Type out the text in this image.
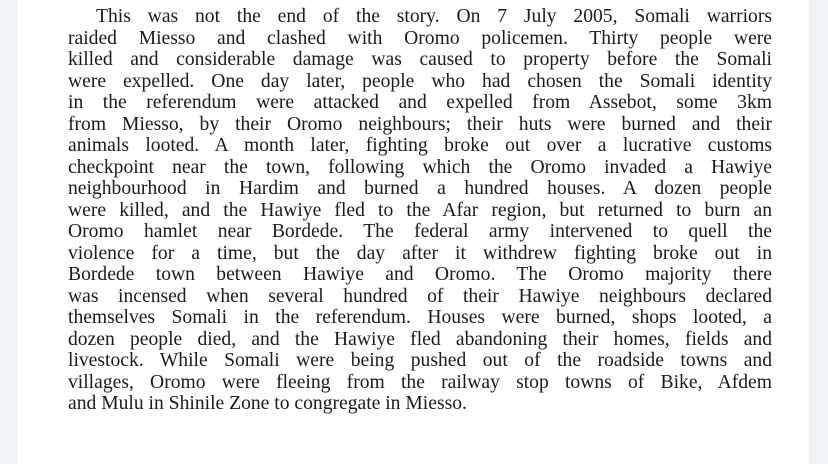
This was not the end of the story. On 7 July 2005, Somali warriors
raided Miesso and clashed with Oromo policemen. Thirty people were
killed and considerable damage was caused to property before the Somali
were expelled. One day later, people who had chosen the Somali identity
in the referendum were attacked and expelled from Assebot, some 3km
from Miesso, by their Oromo neighbours; their huts were burned and their
animals looted. A month later, fighting broke out over a lucrative customs
checkpoint near the town, following which the Oromo invaded a Hawiye
neighbourhood in Hardim and burned a hundred houses. A dozen people
were killed, and the Hawiye fled to the Afar region, but returned to burn an
Oromo hamlet near Bordede. The federal army intervened to quell the
violence for a time, but the day after it withdrew fighting broke out in
Bordede town between Hawiye and Oromo. The Oromo majority there
was incensed when several hundred of their Hawiye neighbours declared
themselves Somali in the referendum. Houses were burned, shops looted, a
dozen people died, and the Hawiye fled abandoning their homes, fields and
livestock. While Somali were being pushed out of the roadside towns and
villages, Oromo were fleeing from the railway stop towns of Bike, Afdem
and Mulu in Shinile Zone to congregate in Miesso.
